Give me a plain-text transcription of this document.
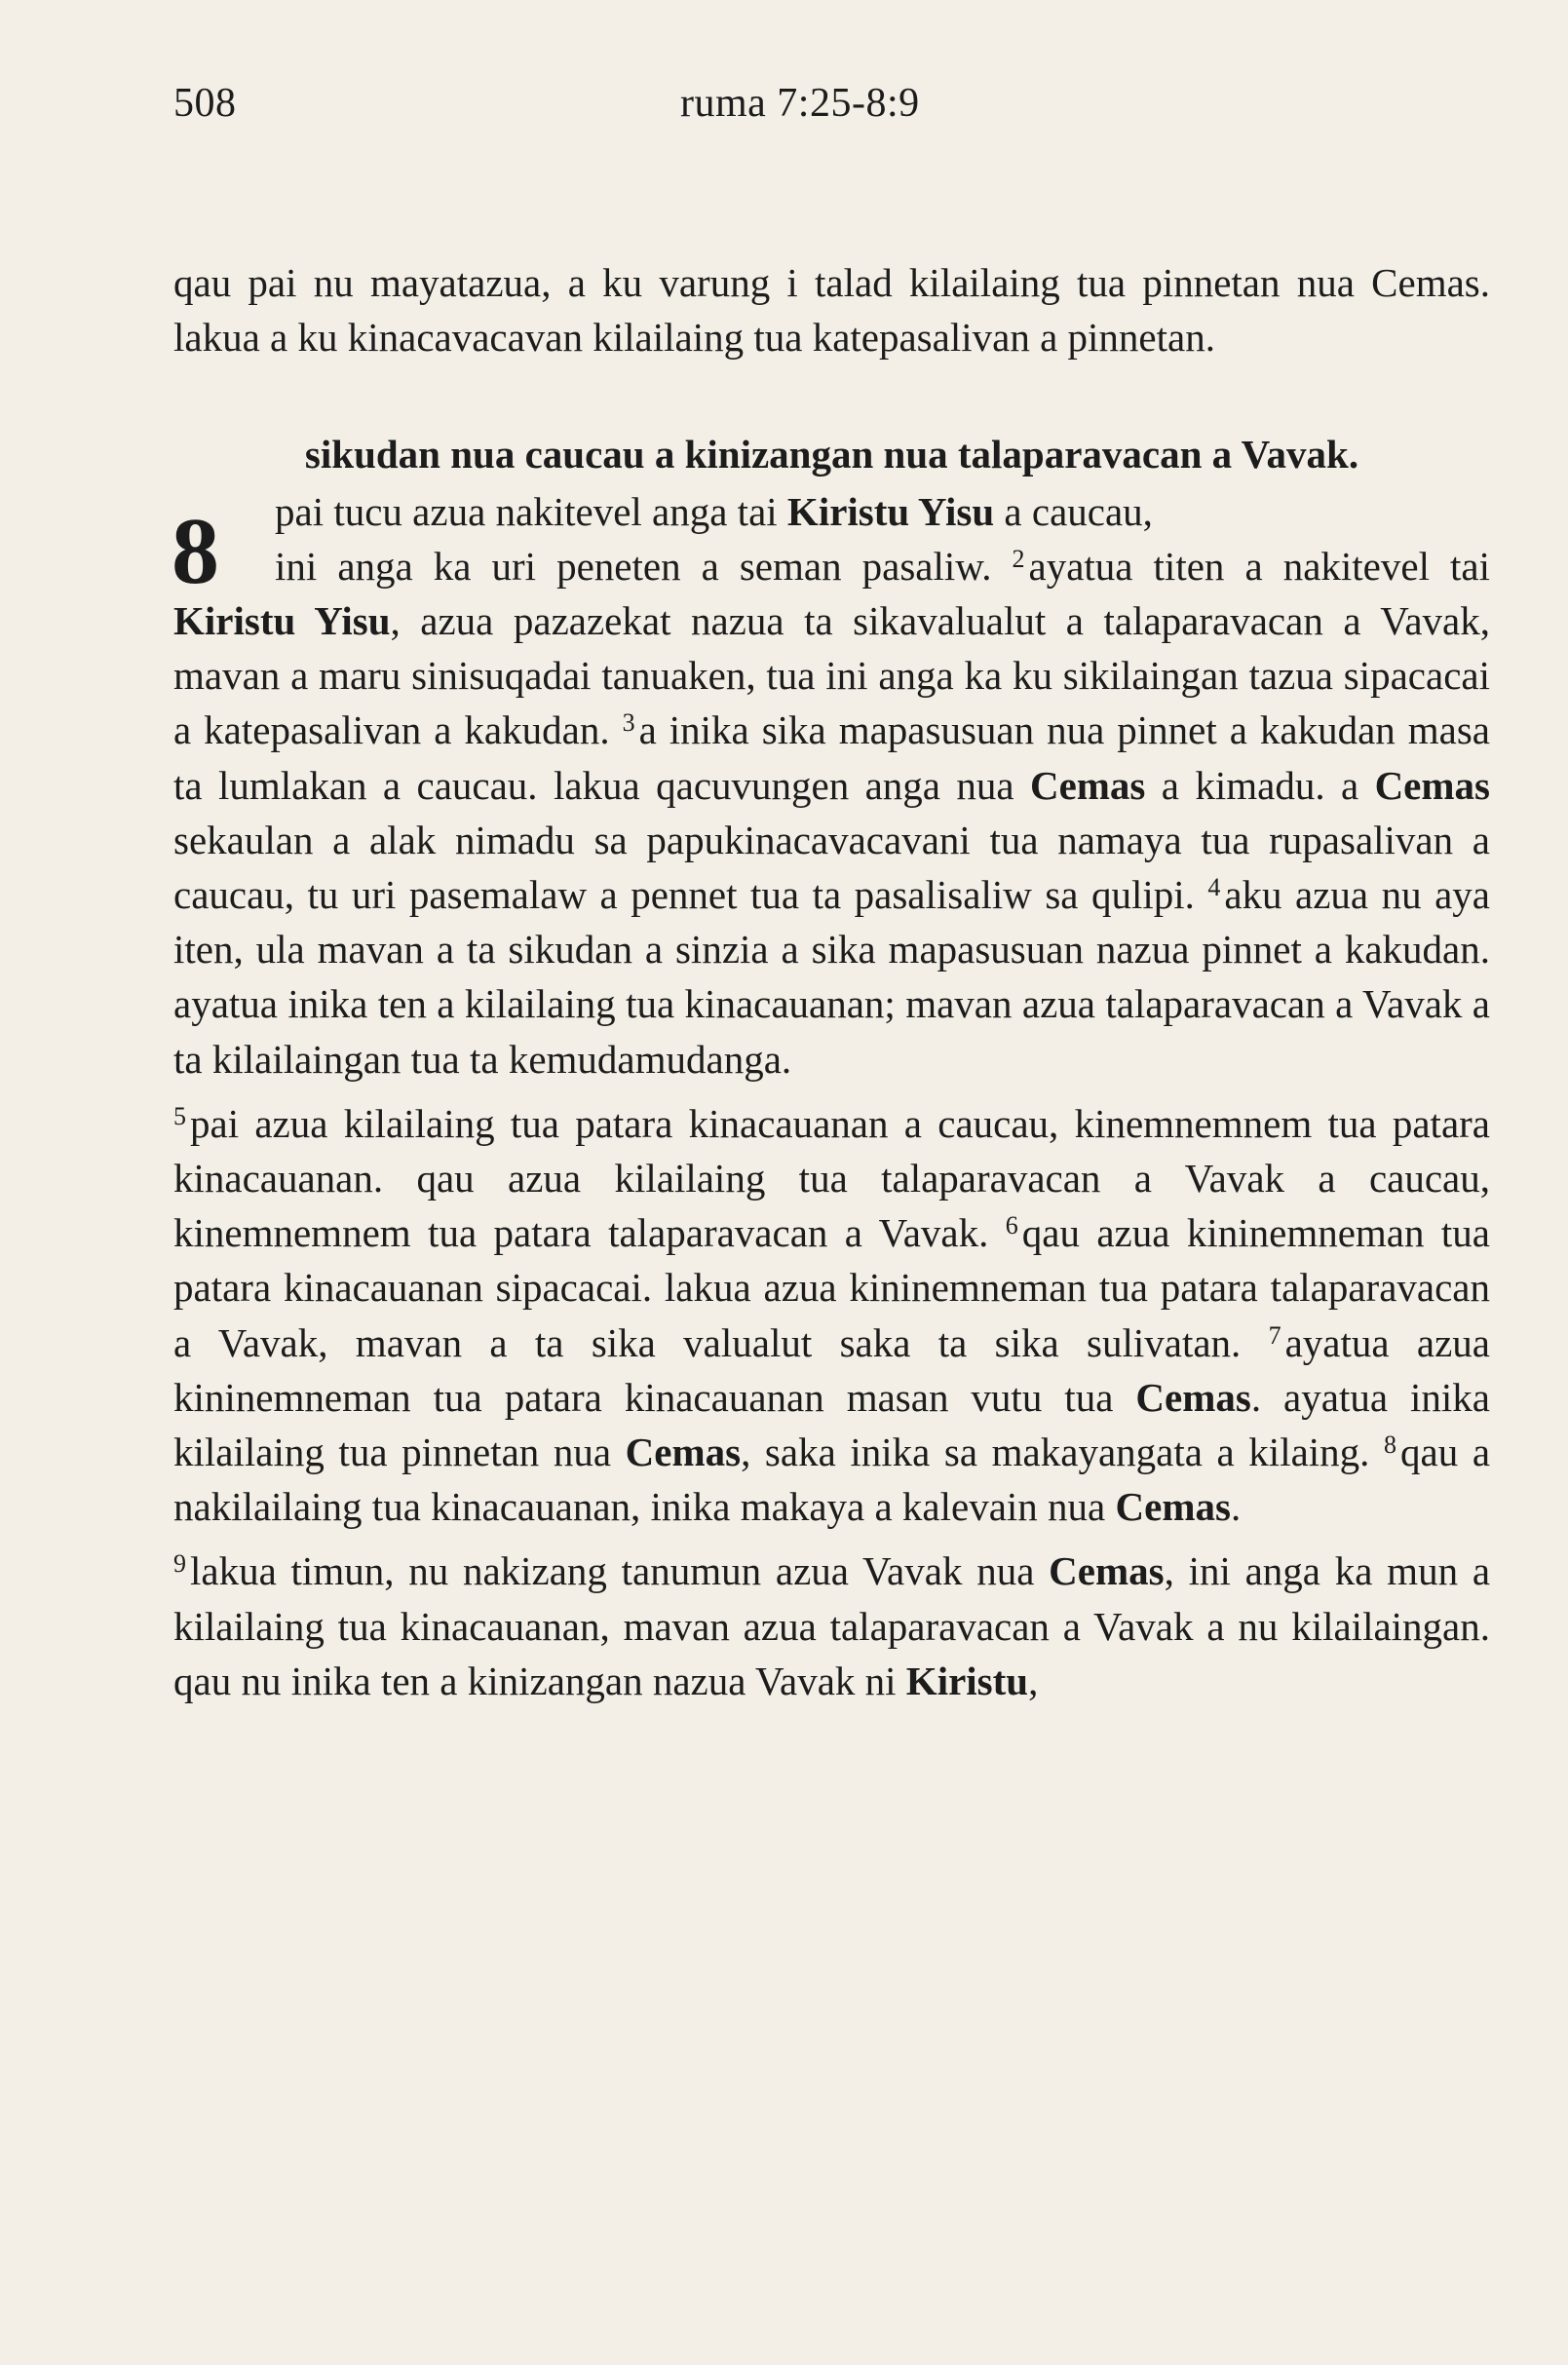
508	ruma 7:25-8:9

qau pai nu mayatazua, a ku varung i talad kilailaing tua pinnetan nua Cemas. lakua a ku kinacavacavan kilailaing tua katepasalivan a pinnetan.

sikudan nua caucau a kinizangan nua talaparavacan a Vavak.

8	pai tucu azua nakitevel anga tai Kiristu Yisu a caucau,
ini anga ka uri peneten a seman pasaliw. $^2$ayatua titen a nakitevel tai Kiristu Yisu, azua pazazekat nazua ta sikavalualut a talaparavacan a Vavak, mavan a maru sinisuqadai tanuaken, tua ini anga ka ku sikilaingan tazua sipacacai a katepasalivan a kakudan. $^3$a inika sika mapasusuan nua pinnet a kakudan masa ta lumlakan a caucau. lakua qacuvungen anga nua Cemas a kimadu. a Cemas sekaulan a alak nimadu sa papukinacavacavani tua namaya tua rupasalivan a caucau, tu uri pasemalaw a pennet tua ta pasalisaliw sa qulipi. $^4$aku azua nu aya iten, ula mavan a ta sikudan a sinzia a sika mapasusuan nazua pinnet a kakudan. ayatua inika ten a kilailaing tua kinacauanan; mavan azua talaparavacan a Vavak a ta kilailaingan tua ta kemudamudanga.

$^5$pai azua kilailaing tua patara kinacauanan a caucau, kinemnemnem tua patara kinacauanan. qau azua kilailaing tua talaparavacan a Vavak a caucau, kinemnemnem tua patara talaparavacan a Vavak. $^6$qau azua kininemneman tua patara kinacauanan sipacacai. lakua azua kininemneman tua patara talaparavacan a Vavak, mavan a ta sika valualut saka ta sika sulivatan. $^7$ayatua azua kininemneman tua patara kinacauanan masan vutu tua Cemas. ayatua inika kilailaing tua pinnetan nua Cemas, saka inika sa makayangata a kilaing. $^8$qau a nakilailaing tua kinacauanan, inika makaya a kalevain nua Cemas.

$^9$lakua timun, nu nakizang tanumun azua Vavak nua Cemas, ini anga ka mun a kilailaing tua kinacauanan, mavan azua talaparavacan a Vavak a nu kilailaingan. qau nu inika ten a kinizangan nazua Vavak ni Kiristu,
